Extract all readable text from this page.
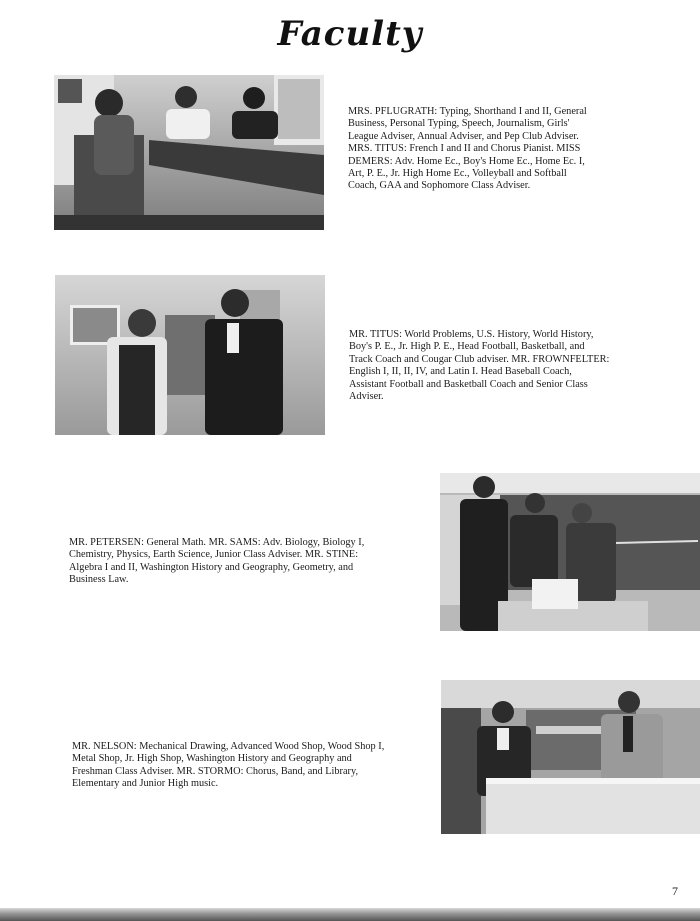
Faculty
MRS. PFLUGRATH: Typing, Shorthand I and II, General
Business, Personal Typing, Speech, Journalism, Girls'
League Adviser, Annual Adviser, and Pep Club Adviser.
MRS. TITUS: French I and II and Chorus Pianist. MISS
DEMERS: Adv. Home Ec., Boy's Home Ec., Home Ec. I,
Art, P. E., Jr. High Home Ec., Volleyball and Softball
Coach, GAA and Sophomore Class Adviser.
MR. TITUS: World Problems, U.S. History, World History,
Boy's P. E., Jr. High P. E., Head Football, Basketball, and
Track Coach and Cougar Club adviser. MR. FROWNFELTER:
English I, II, II, IV, and Latin I. Head Baseball Coach,
Assistant Football and Basketball Coach and Senior Class
Adviser.
MR. PETERSEN: General Math. MR. SAMS: Adv. Biology, Biology I,
Chemistry, Physics, Earth Science, Junior Class Adviser. MR. STINE:
Algebra I and II, Washington History and Geography, Geometry, and
Business Law.
MR. NELSON: Mechanical Drawing, Advanced Wood Shop, Wood Shop I,
Metal Shop, Jr. High Shop, Washington History and Geography and
Freshman Class Adviser. MR. STORMO: Chorus, Band, and Library,
Elementary and Junior High music.
7
